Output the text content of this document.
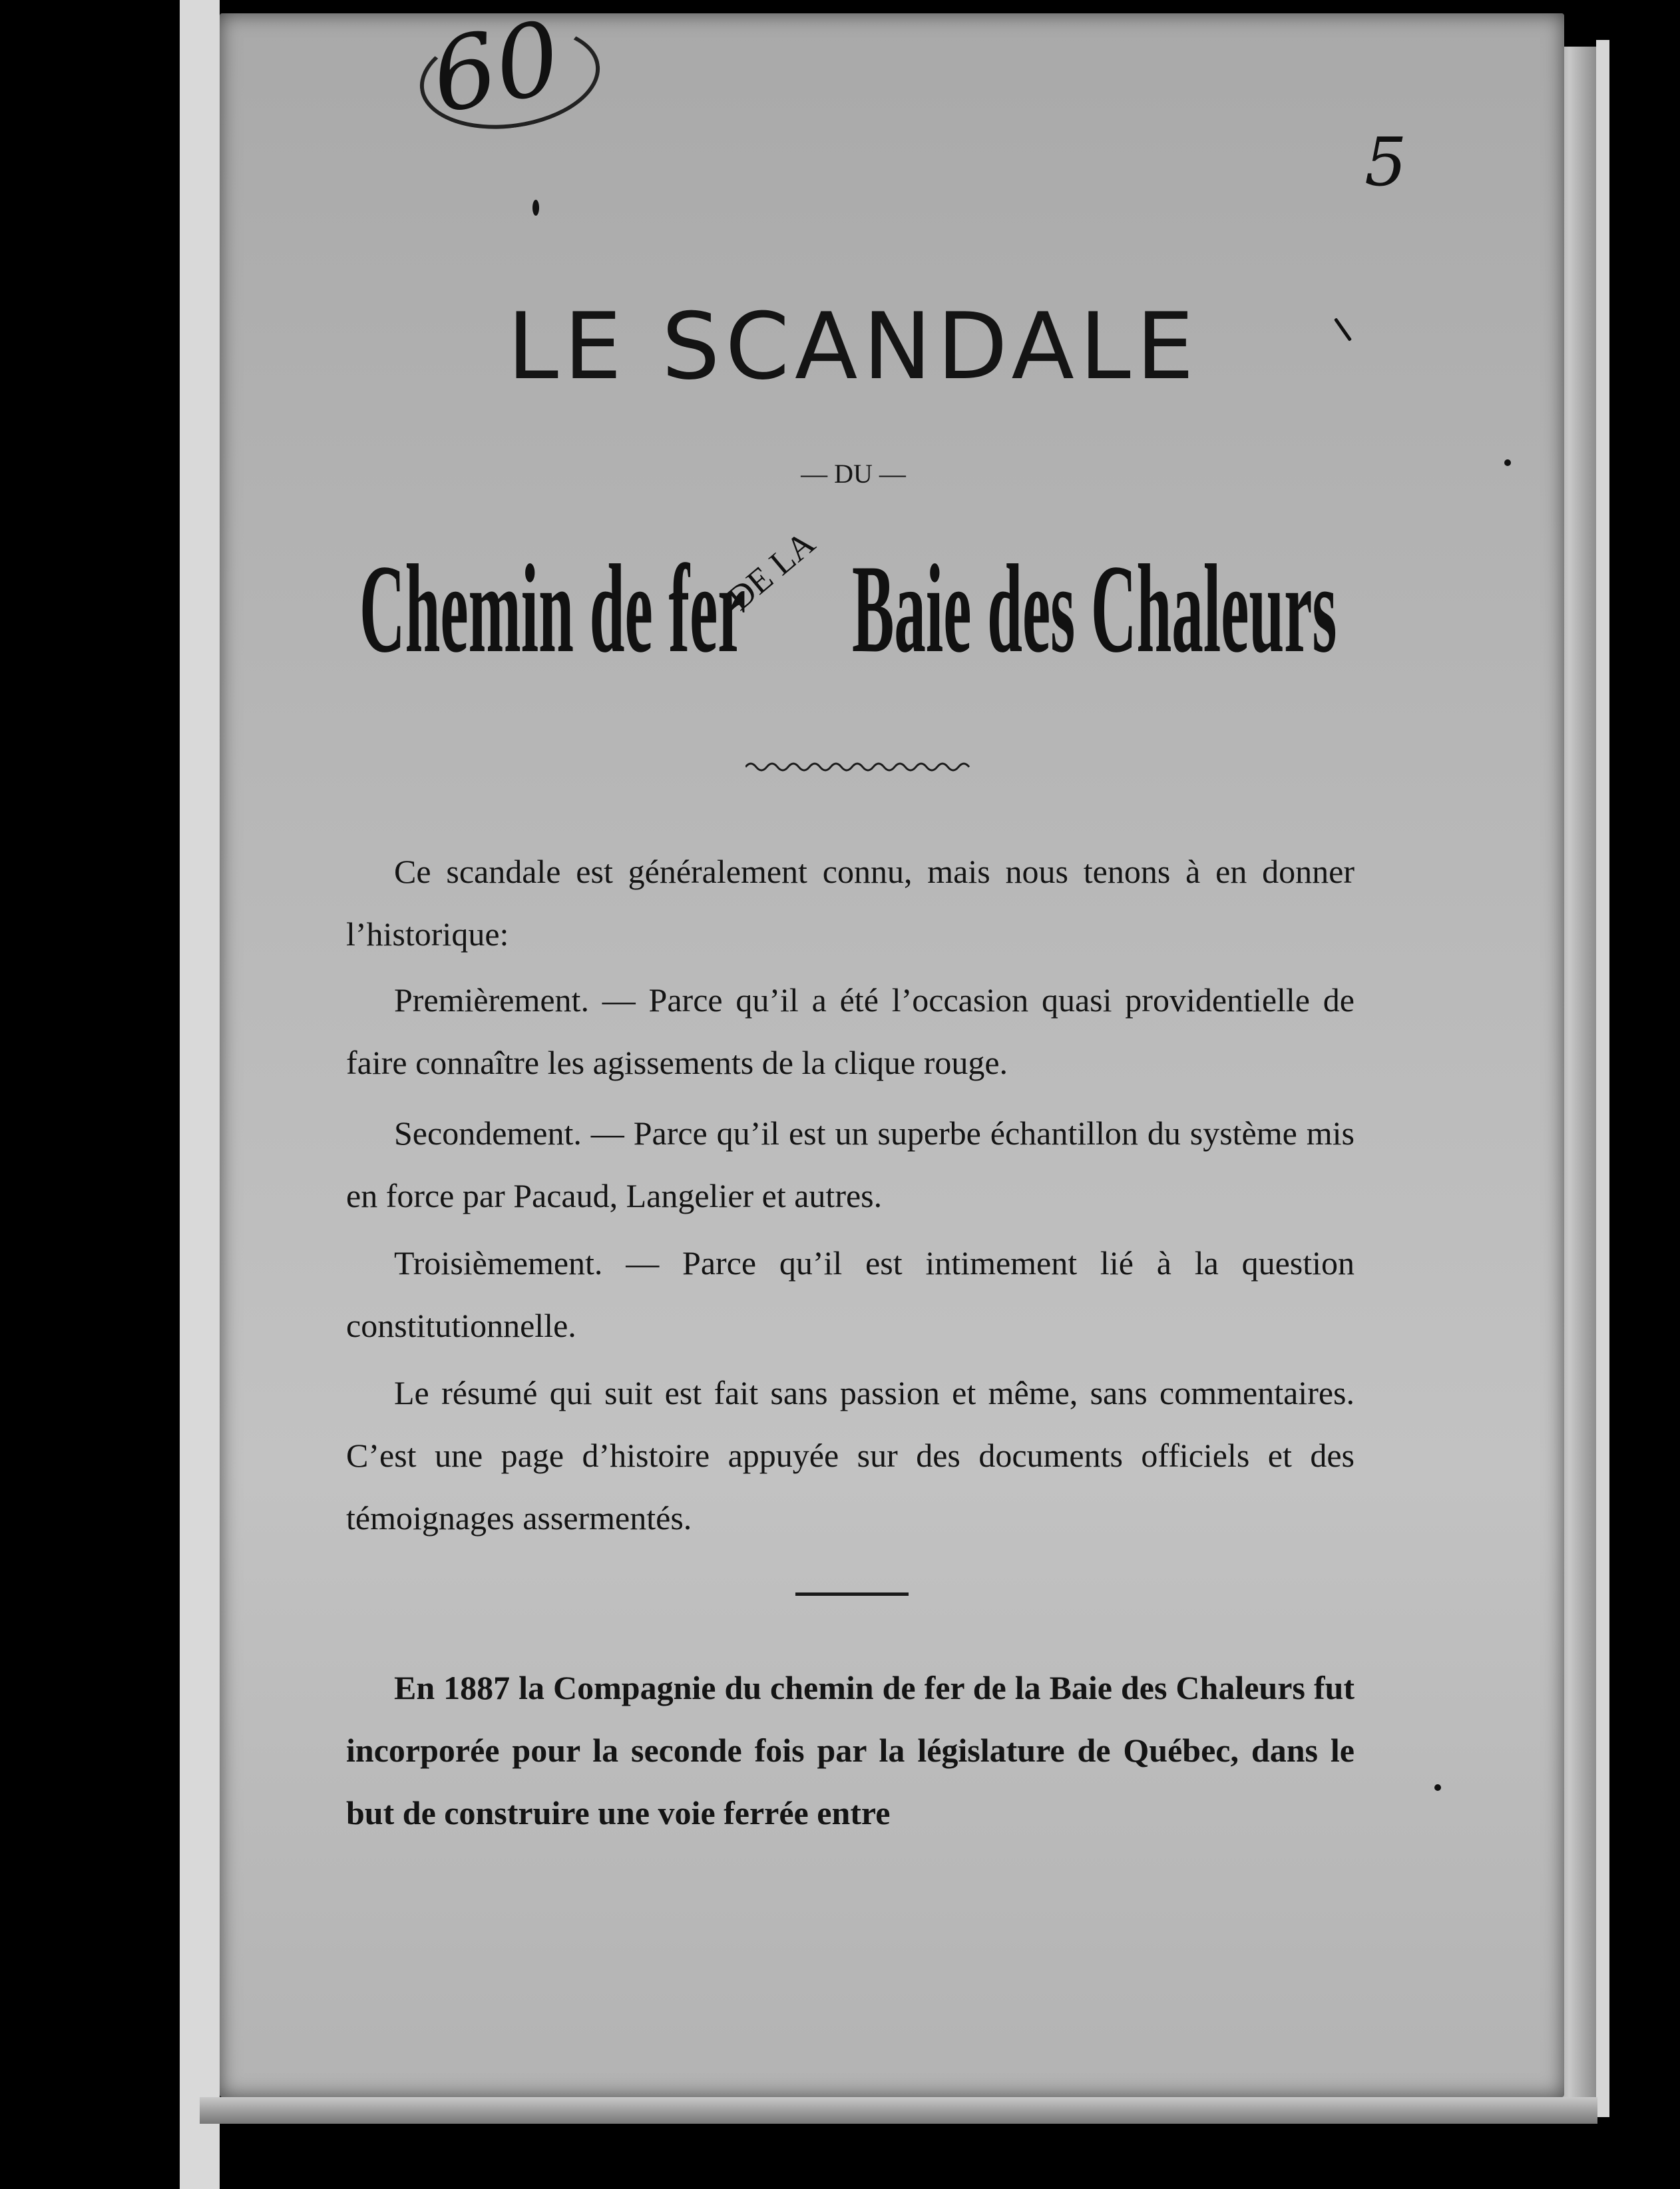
60
5
LE SCANDALE
— DU —
Chemin de fer
DE LA Baie des Chaleurs

Ce scandale est généralement connu, mais nous tenons à en donner l’historique:

Premièrement. — Parce qu’il a été l’occasion quasi providentielle de faire connaître les agissements de la clique rouge.

Secondement. — Parce qu’il est un superbe échantillon du système mis en force par Pacaud, Langelier et autres.

Troisièmement. — Parce qu’il est intimement lié à la question constitutionnelle.

Le résumé qui suit est fait sans passion et même, sans commentaires. C’est une page d’histoire appuyée sur des documents officiels et des témoignages assermentés.

En 1887 la Compagnie du chemin de fer de la Baie des Chaleurs fut incorporée pour la seconde fois par la législature de Québec, dans le but de construire une voie ferrée entre
